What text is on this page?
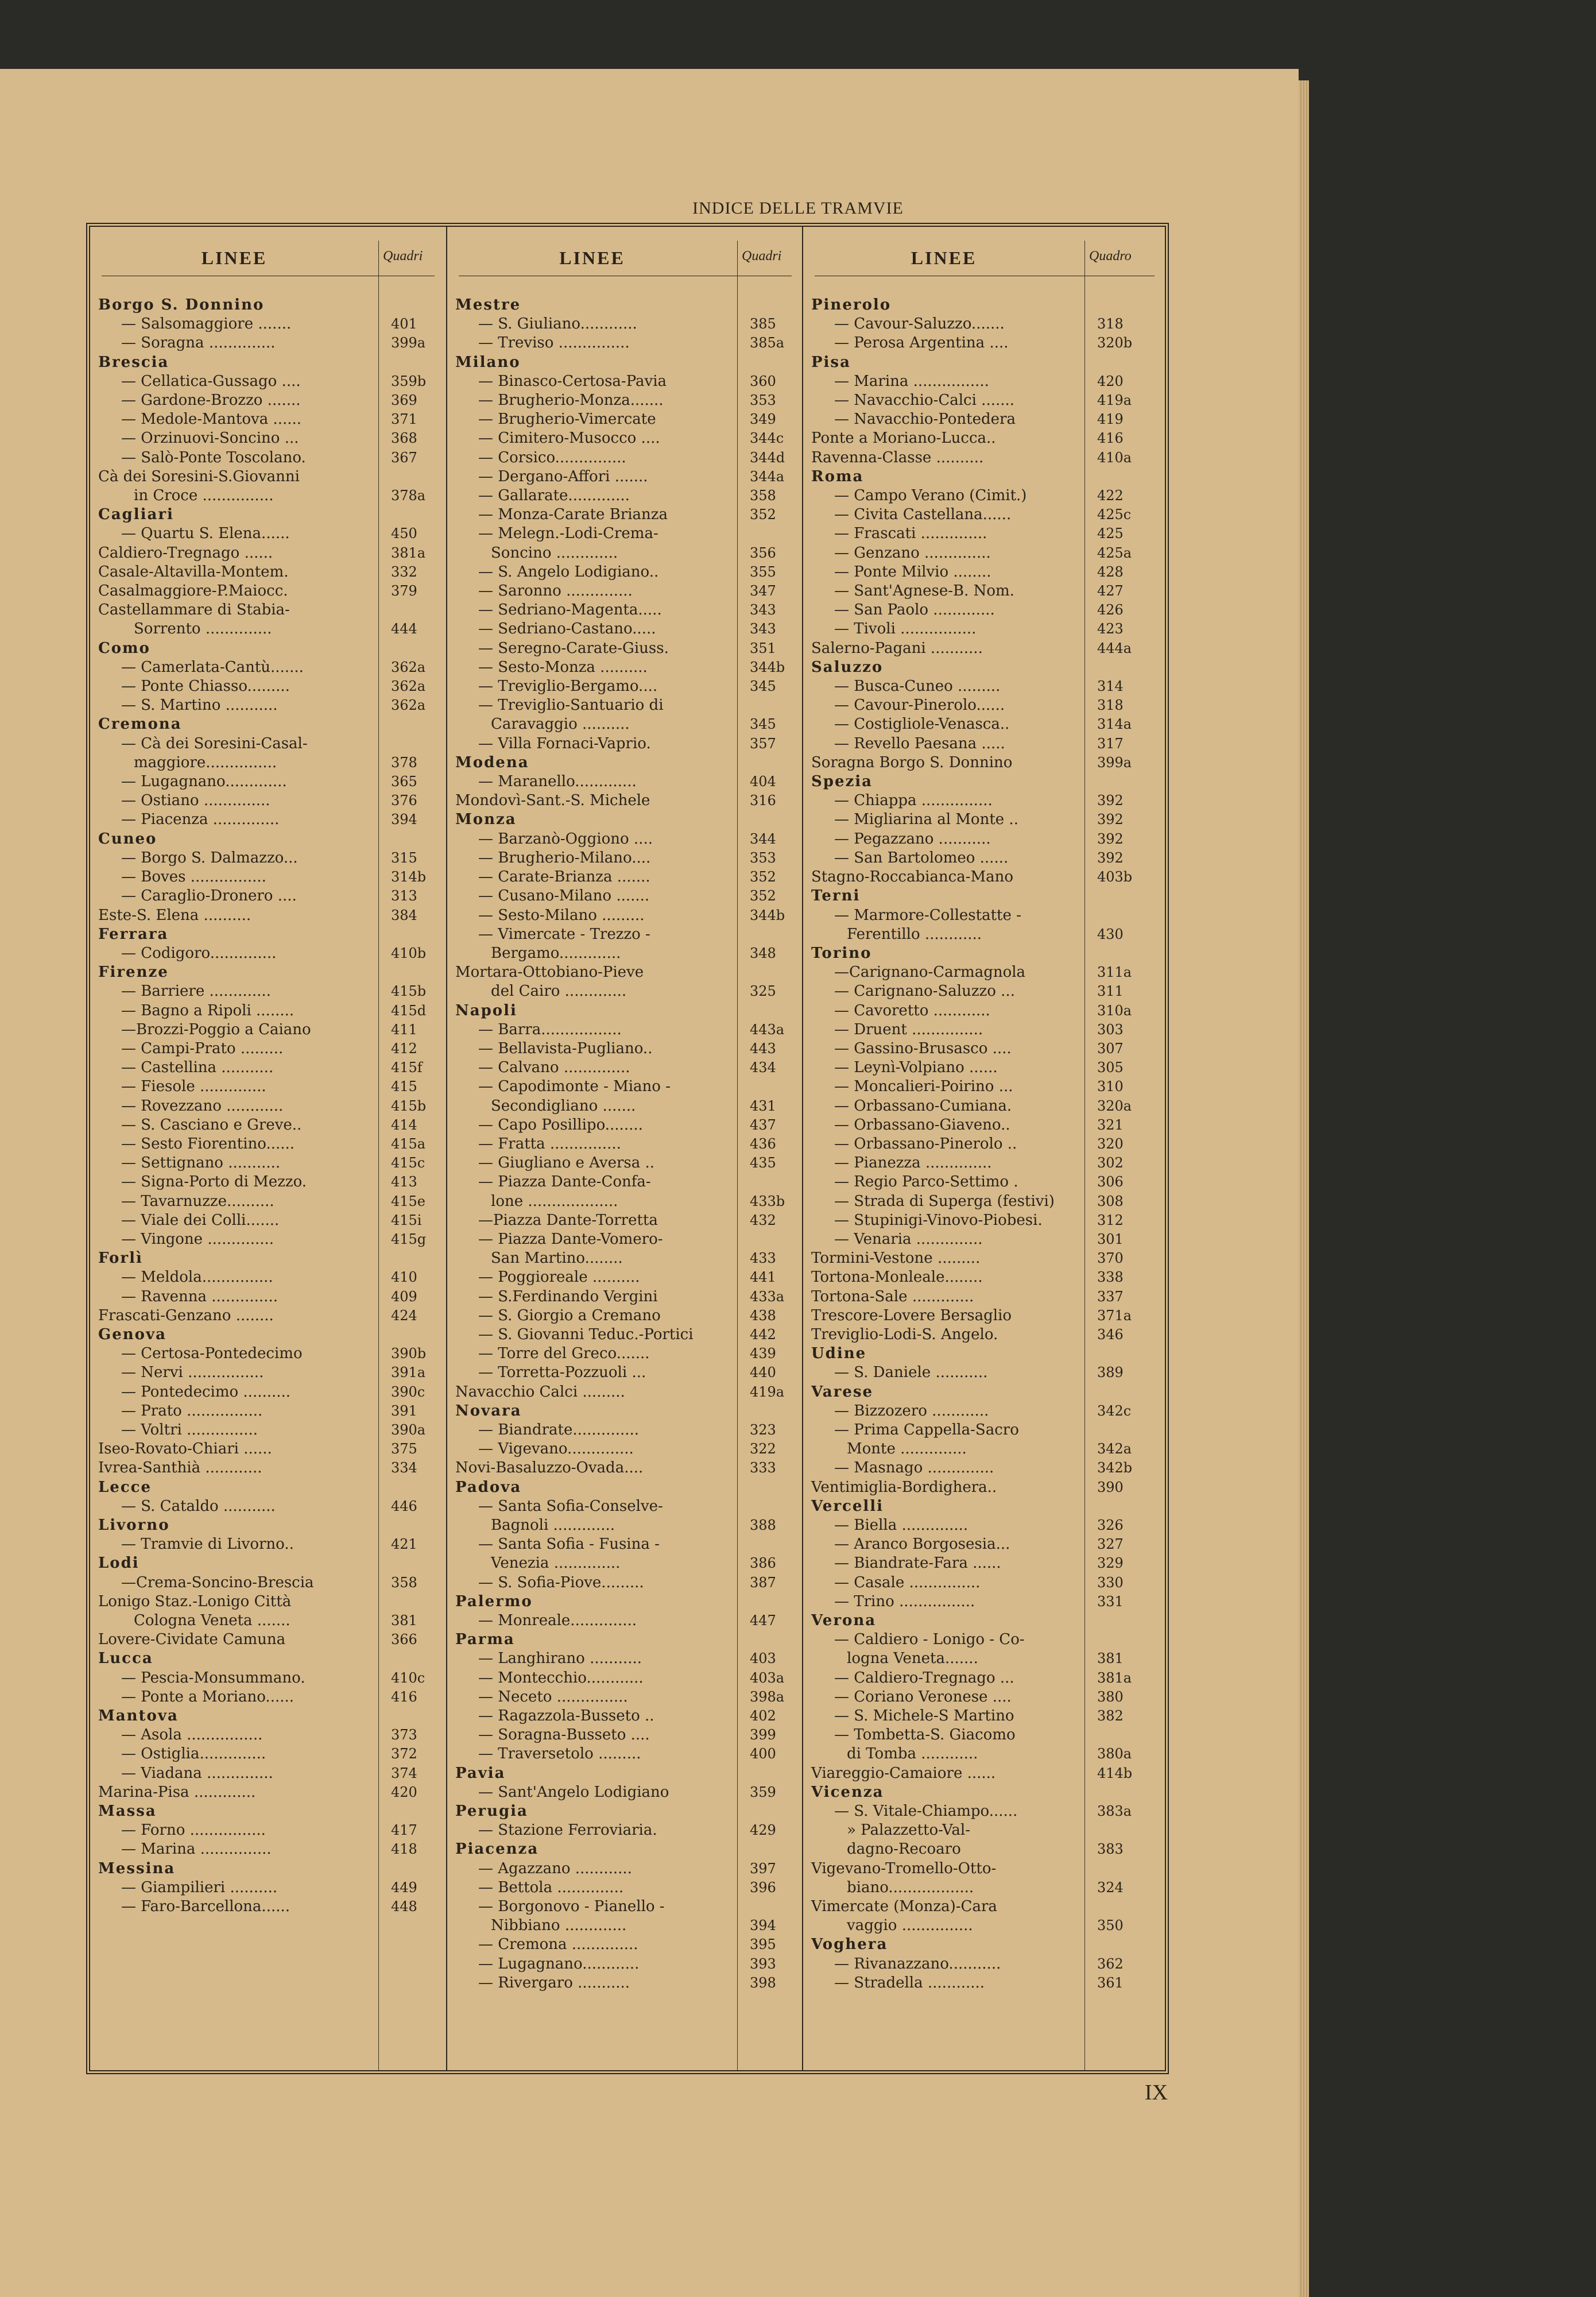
INDICE DELLE TRAMVIE
LINEE	Quadri
Borgo S. Donnino
— Salsomaggiore .......	401
— Soragna ..............	399a
Brescia
— Cellatica-Gussago ....	359b
— Gardone-Brozzo .......	369
— Medole-Mantova ......	371
— Orzinuovi-Soncino ...	368
— Salò-Ponte Toscolano.	367
Cà dei Soresini-S.Giovanni
in Croce ...............	378a
Cagliari
— Quartu S. Elena......	450
Caldiero-Tregnago ......	381a
Casale-Altavilla-Montem.	332
Casalmaggiore-P.Maiocc.	379
Castellammare di Stabia-
Sorrento ..............	444
Como
— Camerlata-Cantù.......	362a
— Ponte Chiasso.........	362a
— S. Martino ...........	362a
Cremona
— Cà dei Soresini-Casal-
maggiore...............	378
— Lugagnano.............	365
— Ostiano ..............	376
— Piacenza ..............	394
Cuneo
— Borgo S. Dalmazzo...	315
— Boves ................	314b
— Caraglio-Dronero ....	313
Este-S. Elena ..........	384
Ferrara
— Codigoro..............	410b
Firenze
— Barriere .............	415b
— Bagno a Ripoli ........	415d
—Brozzi-Poggio a Caiano	411
— Campi-Prato .........	412
— Castellina ...........	415f
— Fiesole ..............	415
— Rovezzano ............	415b
— S. Casciano e Greve..	414
— Sesto Fiorentino......	415a
— Settignano ...........	415c
— Signa-Porto di Mezzo.	413
— Tavarnuzze..........	415e
— Viale dei Colli.......	415i
— Vingone ..............	415g
Forlì
— Meldola...............	410
— Ravenna ..............	409
Frascati-Genzano ........	424
Genova
— Certosa-Pontedecimo	390b
— Nervi ................	391a
— Pontedecimo ..........	390c
— Prato ................	391
— Voltri ...............	390a
Iseo-Rovato-Chiari ......	375
Ivrea-Santhià ............	334
Lecce
— S. Cataldo ...........	446
Livorno
— Tramvie di Livorno..	421
Lodi
—Crema-Soncino-Brescia	358
Lonigo Staz.-Lonigo Città
Cologna Veneta .......	381
Lovere-Cividate Camuna	366
Lucca
— Pescia-Monsummano.	410c
— Ponte a Moriano......	416
Mantova
— Asola ................	373
— Ostiglia..............	372
— Viadana ..............	374
Marina-Pisa .............	420
Massa
— Forno ................	417
— Marina ...............	418
Messina
— Giampilieri ..........	449
— Faro-Barcellona......	448
LINEE	Quadri
Mestre
— S. Giuliano............	385
— Treviso ...............	385a
Milano
— Binasco-Certosa-Pavia	360
— Brugherio-Monza.......	353
— Brugherio-Vimercate	349
— Cimitero-Musocco ....	344c
— Corsico...............	344d
— Dergano-Affori .......	344a
— Gallarate.............	358
— Monza-Carate Brianza	352
— Melegn.-Lodi-Crema-
Soncino .............	356
— S. Angelo Lodigiano..	355
— Saronno ..............	347
— Sedriano-Magenta.....	343
— Sedriano-Castano.....	343
— Seregno-Carate-Giuss.	351
— Sesto-Monza ..........	344b
— Treviglio-Bergamo....	345
— Treviglio-Santuario di
Caravaggio ..........	345
— Villa Fornaci-Vaprio.	357
Modena
— Maranello.............	404
Mondovì-Sant.-S. Michele	316
Monza
— Barzanò-Oggiono ....	344
— Brugherio-Milano....	353
— Carate-Brianza .......	352
— Cusano-Milano .......	352
— Sesto-Milano .........	344b
— Vimercate - Trezzo -
Bergamo.............	348
Mortara-Ottobiano-Pieve
del Cairo .............	325
Napoli
— Barra.................	443a
— Bellavista-Pugliano..	443
— Calvano ..............	434
— Capodimonte - Miano -
Secondigliano .......	431
— Capo Posillipo........	437
— Fratta ...............	436
— Giugliano e Aversa ..	435
— Piazza Dante-Confa-
lone ...................	433b
—Piazza Dante-Torretta	432
— Piazza Dante-Vomero-
San Martino........	433
— Poggioreale ..........	441
— S.Ferdinando Vergini	433a
— S. Giorgio a Cremano	438
— S. Giovanni Teduc.-Portici	442
— Torre del Greco.......	439
— Torretta-Pozzuoli ...	440
Navacchio Calci .........	419a
Novara
— Biandrate..............	323
— Vigevano..............	322
Novi-Basaluzzo-Ovada....	333
Padova
— Santa Sofia-Conselve-
Bagnoli .............	388
— Santa Sofia - Fusina -
Venezia ..............	386
— S. Sofia-Piove.........	387
Palermo
— Monreale..............	447
Parma
— Langhirano ...........	403
— Montecchio............	403a
— Neceto ...............	398a
— Ragazzola-Busseto ..	402
— Soragna-Busseto ....	399
— Traversetolo .........	400
Pavia
— Sant'Angelo Lodigiano	359
Perugia
— Stazione Ferroviaria.	429
Piacenza
— Agazzano ............	397
— Bettola ..............	396
— Borgonovo - Pianello -
Nibbiano .............	394
— Cremona ..............	395
— Lugagnano............	393
— Rivergaro ...........	398
LINEE	Quadro
Pinerolo
— Cavour-Saluzzo.......	318
— Perosa Argentina ....	320b
Pisa
— Marina ................	420
— Navacchio-Calci .......	419a
— Navacchio-Pontedera	419
Ponte a Moriano-Lucca..	416
Ravenna-Classe ..........	410a
Roma
— Campo Verano (Cimit.)	422
— Civita Castellana......	425c
— Frascati ..............	425
— Genzano ..............	425a
— Ponte Milvio ........	428
— Sant'Agnese-B. Nom.	427
— San Paolo .............	426
— Tivoli ................	423
Salerno-Pagani ...........	444a
Saluzzo
— Busca-Cuneo .........	314
— Cavour-Pinerolo......	318
— Costigliole-Venasca..	314a
— Revello Paesana .....	317
Soragna Borgo S. Donnino	399a
Spezia
— Chiappa ...............	392
— Migliarina al Monte ..	392
— Pegazzano ...........	392
— San Bartolomeo ......	392
Stagno-Roccabianca-Mano	403b
Terni
— Marmore-Collestatte -
Ferentillo ............	430
Torino
—Carignano-Carmagnola	311a
— Carignano-Saluzzo ...	311
— Cavoretto ............	310a
— Druent ...............	303
— Gassino-Brusasco ....	307
— Leynì-Volpiano ......	305
— Moncalieri-Poirino ...	310
— Orbassano-Cumiana.	320a
— Orbassano-Giaveno..	321
— Orbassano-Pinerolo ..	320
— Pianezza ..............	302
— Regio Parco-Settimo .	306
— Strada di Superga (festivi)	308
— Stupinigi-Vinovo-Piobesi.	312
— Venaria ..............	301
Tormini-Vestone .........	370
Tortona-Monleale........	338
Tortona-Sale .............	337
Trescore-Lovere Bersaglio	371a
Treviglio-Lodi-S. Angelo.	346
Udine
— S. Daniele ...........	389
Varese
— Bizzozero ............	342c
— Prima Cappella-Sacro
Monte ..............	342a
— Masnago ..............	342b
Ventimiglia-Bordighera..	390
Vercelli
— Biella ..............	326
— Aranco Borgosesia...	327
— Biandrate-Fara ......	329
— Casale ...............	330
— Trino ................	331
Verona
— Caldiero - Lonigo - Co-
logna Veneta.......	381
— Caldiero-Tregnago ...	381a
— Coriano Veronese ....	380
— S. Michele-S Martino	382
— Tombetta-S. Giacomo
di Tomba ............	380a
Viareggio-Camaiore ......	414b
Vicenza
— S. Vitale-Chiampo......	383a
» Palazzetto-Val-
dagno-Recoaro	383
Vigevano-Tromello-Otto-
biano..................	324
Vimercate (Monza)-Cara
vaggio ...............	350
Voghera
— Rivanazzano...........	362
— Stradella ............	361
IX
